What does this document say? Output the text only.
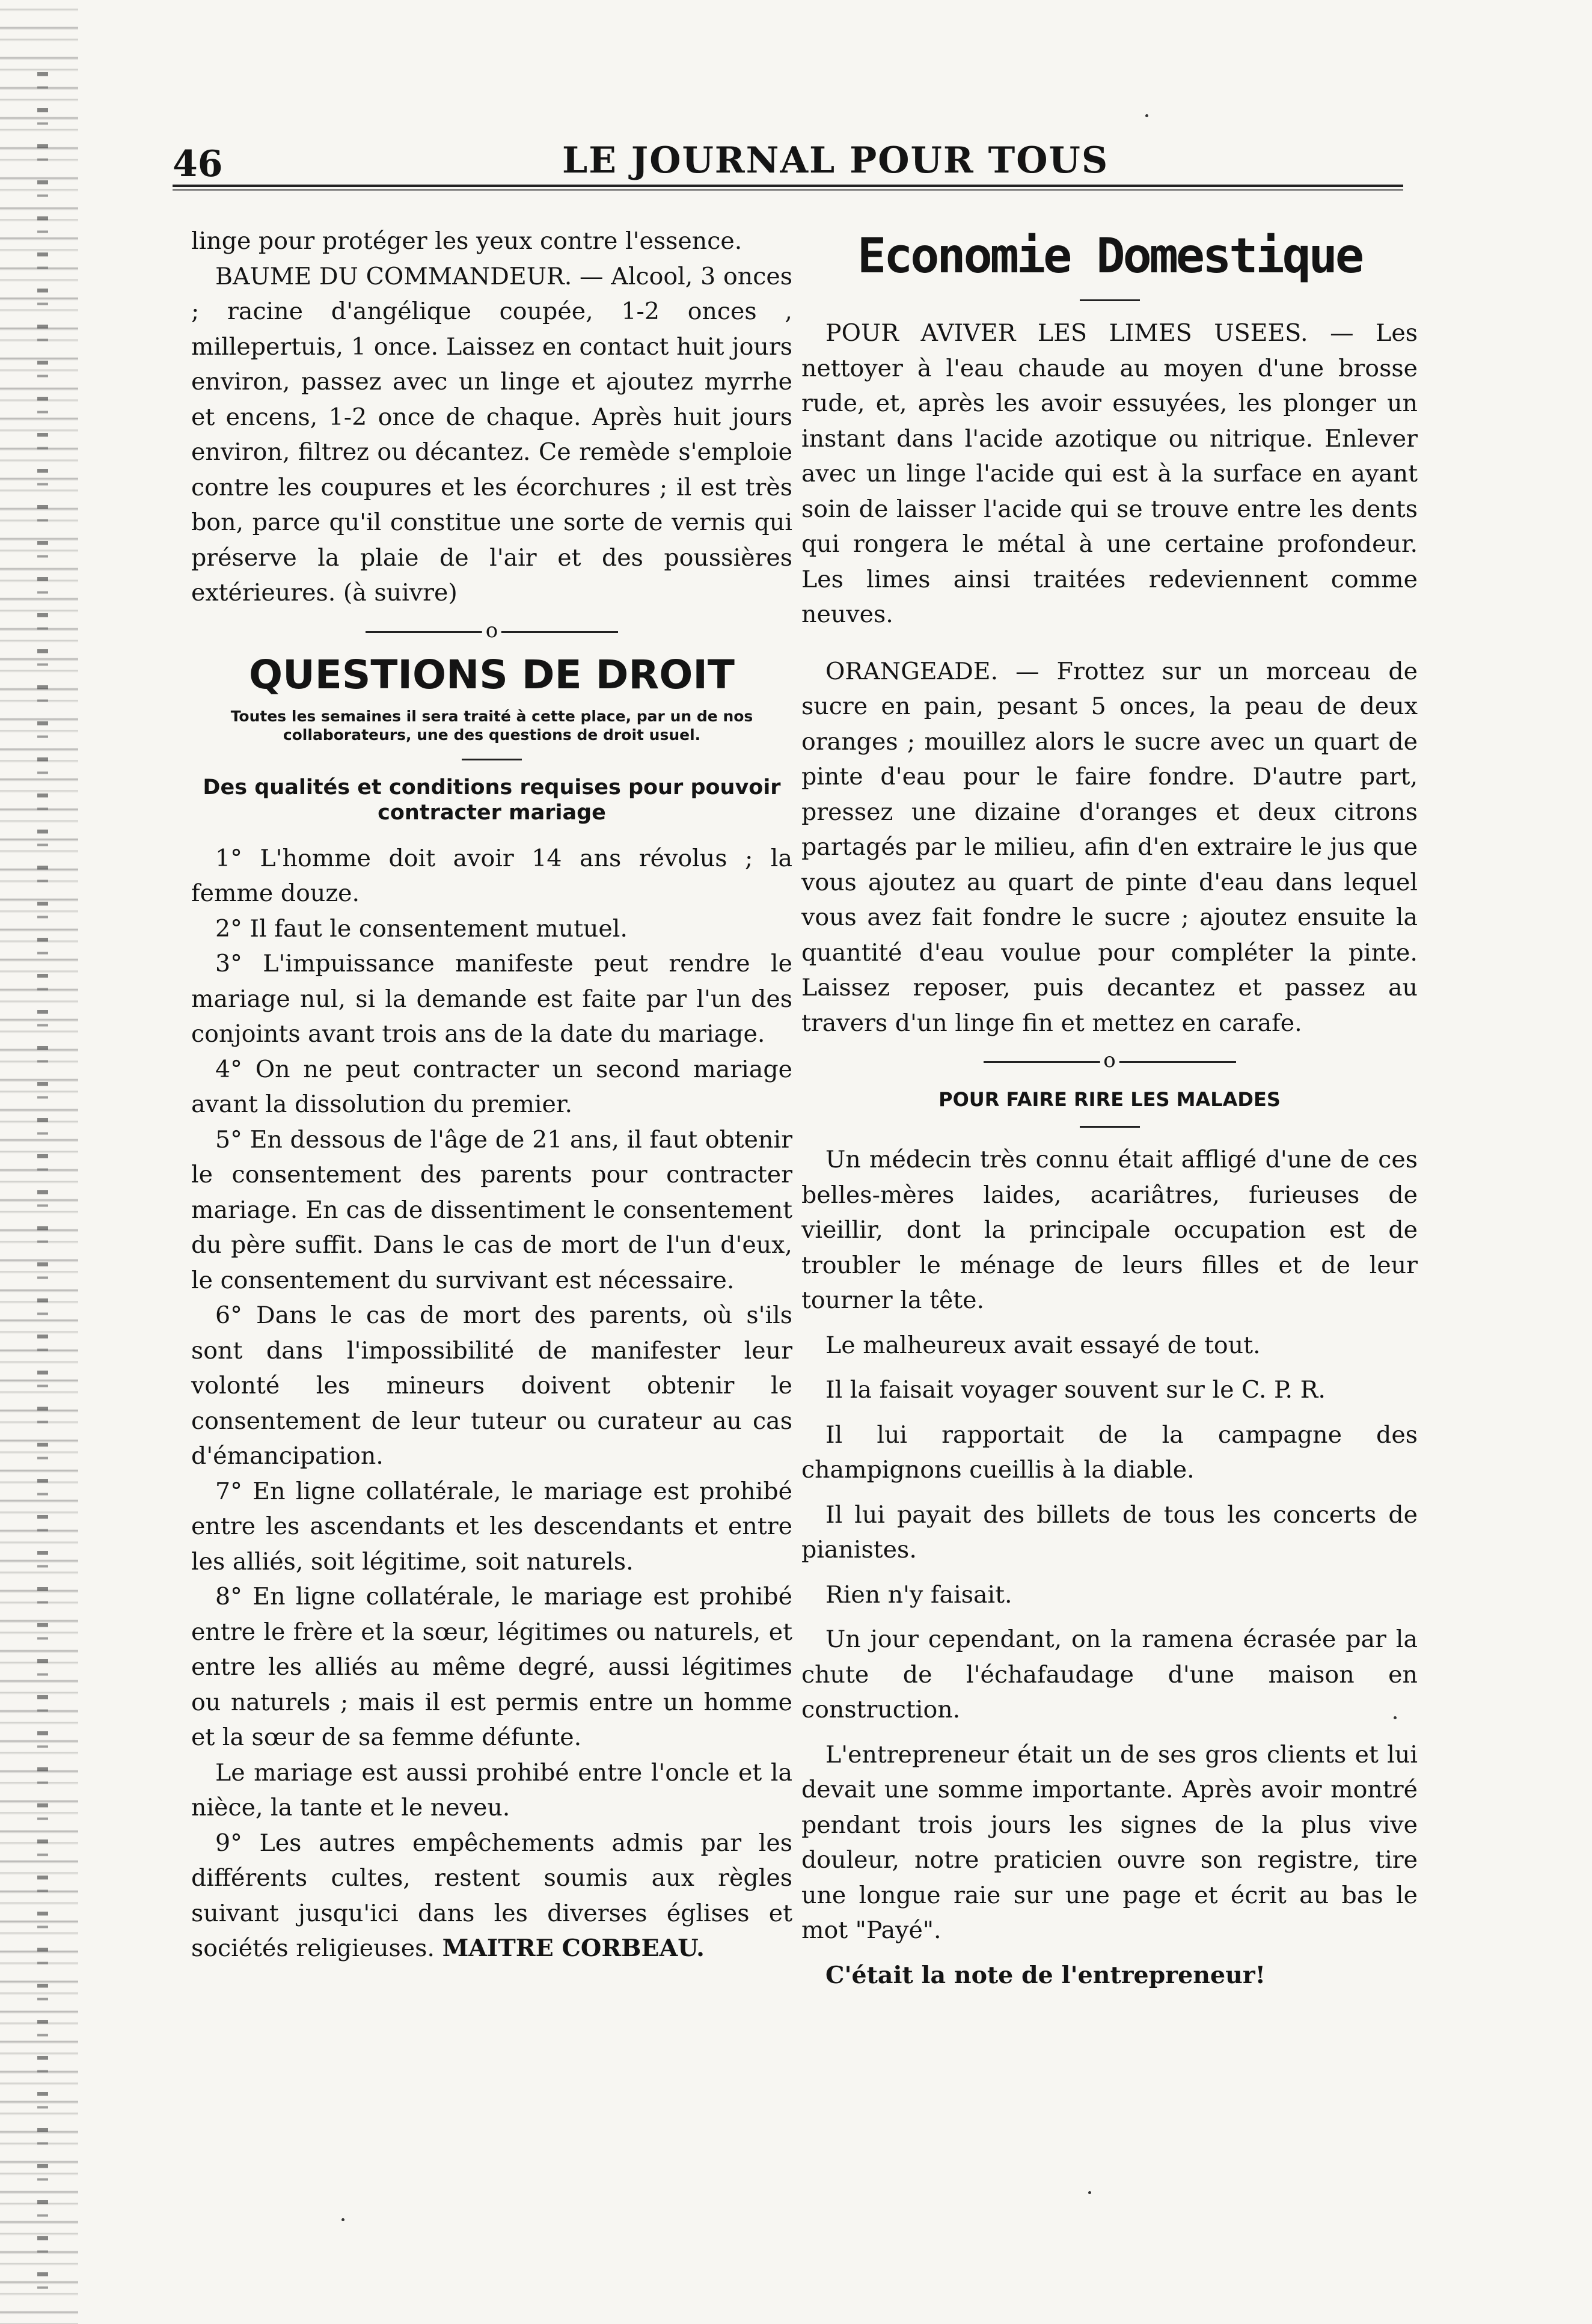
46	LE JOURNAL POUR TOUS

linge pour protéger les yeux contre l'essence.

BAUME DU COMMANDEUR. — Alcool, 3 onces ; racine d'angélique coupée, 1-2 onces , millepertuis, 1 once. Laissez en contact huit jours environ, passez avec un linge et ajoutez myrrhe et encens, 1-2 once de chaque. Après huit jours environ, filtrez ou décantez. Ce remède s'emploie contre les coupures et les écorchures ; il est très bon, parce qu'il constitue une sorte de vernis qui préserve la plaie de l'air et des poussières extérieures. (à suivre)

o
QUESTIONS DE DROIT
Toutes les semaines il sera traité à cette place, par un de nos collaborateurs, une des questions de droit usuel.
Des qualités et conditions requises pour pouvoir contracter mariage

1° L'homme doit avoir 14 ans révolus ; la femme douze.

2° Il faut le consentement mutuel.

3° L'impuissance manifeste peut rendre le mariage nul, si la demande est faite par l'un des conjoints avant trois ans de la date du mariage.

4° On ne peut contracter un second mariage avant la dissolution du premier.

5° En dessous de l'âge de 21 ans, il faut obtenir le consentement des parents pour contracter mariage. En cas de dissentiment le consentement du père suffit. Dans le cas de mort de l'un d'eux, le consentement du survivant est nécessaire.

6° Dans le cas de mort des parents, où s'ils sont dans l'impossibilité de manifester leur volonté les mineurs doivent obtenir le consentement de leur tuteur ou curateur au cas d'émancipation.

7° En ligne collatérale, le mariage est prohibé entre les ascendants et les descendants et entre les alliés, soit légitime, soit naturels.

8° En ligne collatérale, le mariage est prohibé entre le frère et la sœur, légitimes ou naturels, et entre les alliés au même degré, aussi légitimes ou naturels ; mais il est permis entre un homme et la sœur de sa femme défunte.

Le mariage est aussi prohibé entre l'oncle et la nièce, la tante et le neveu.

9° Les autres empêchements admis par les différents cultes, restent soumis aux règles suivant jusqu'ici dans les diverses églises et sociétés religieuses. MAITRE CORBEAU.

Economie Domestique

POUR AVIVER LES LIMES USEES. — Les nettoyer à l'eau chaude au moyen d'une brosse rude, et, après les avoir essuyées, les plonger un instant dans l'acide azotique ou nitrique. Enlever avec un linge l'acide qui est à la surface en ayant soin de laisser l'acide qui se trouve entre les dents qui rongera le métal à une certaine profondeur. Les limes ainsi traitées redeviennent comme neuves.

ORANGEADE. — Frottez sur un morceau de sucre en pain, pesant 5 onces, la peau de deux oranges ; mouillez alors le sucre avec un quart de pinte d'eau pour le faire fondre. D'autre part, pressez une dizaine d'oranges et deux citrons partagés par le milieu, afin d'en extraire le jus que vous ajoutez au quart de pinte d'eau dans lequel vous avez fait fondre le sucre ; ajoutez ensuite la quantité d'eau voulue pour compléter la pinte. Laissez reposer, puis decantez et passez au travers d'un linge fin et mettez en carafe.

o
POUR FAIRE RIRE LES MALADES

Un médecin très connu était affligé d'une de ces belles-mères laides, acariâtres, furieuses de vieillir, dont la principale occupation est de troubler le ménage de leurs filles et de leur tourner la tête.

Le malheureux avait essayé de tout.

Il la faisait voyager souvent sur le C. P. R.

Il lui rapportait de la campagne des champignons cueillis à la diable.

Il lui payait des billets de tous les concerts de pianistes.

Rien n'y faisait.

Un jour cependant, on la ramena écrasée par la chute de l'échafaudage d'une maison en construction.

L'entrepreneur était un de ses gros clients et lui devait une somme importante. Après avoir montré pendant trois jours les signes de la plus vive douleur, notre praticien ouvre son registre, tire une longue raie sur une page et écrit au bas le mot "Payé".

C'était la note de l'entrepreneur!
